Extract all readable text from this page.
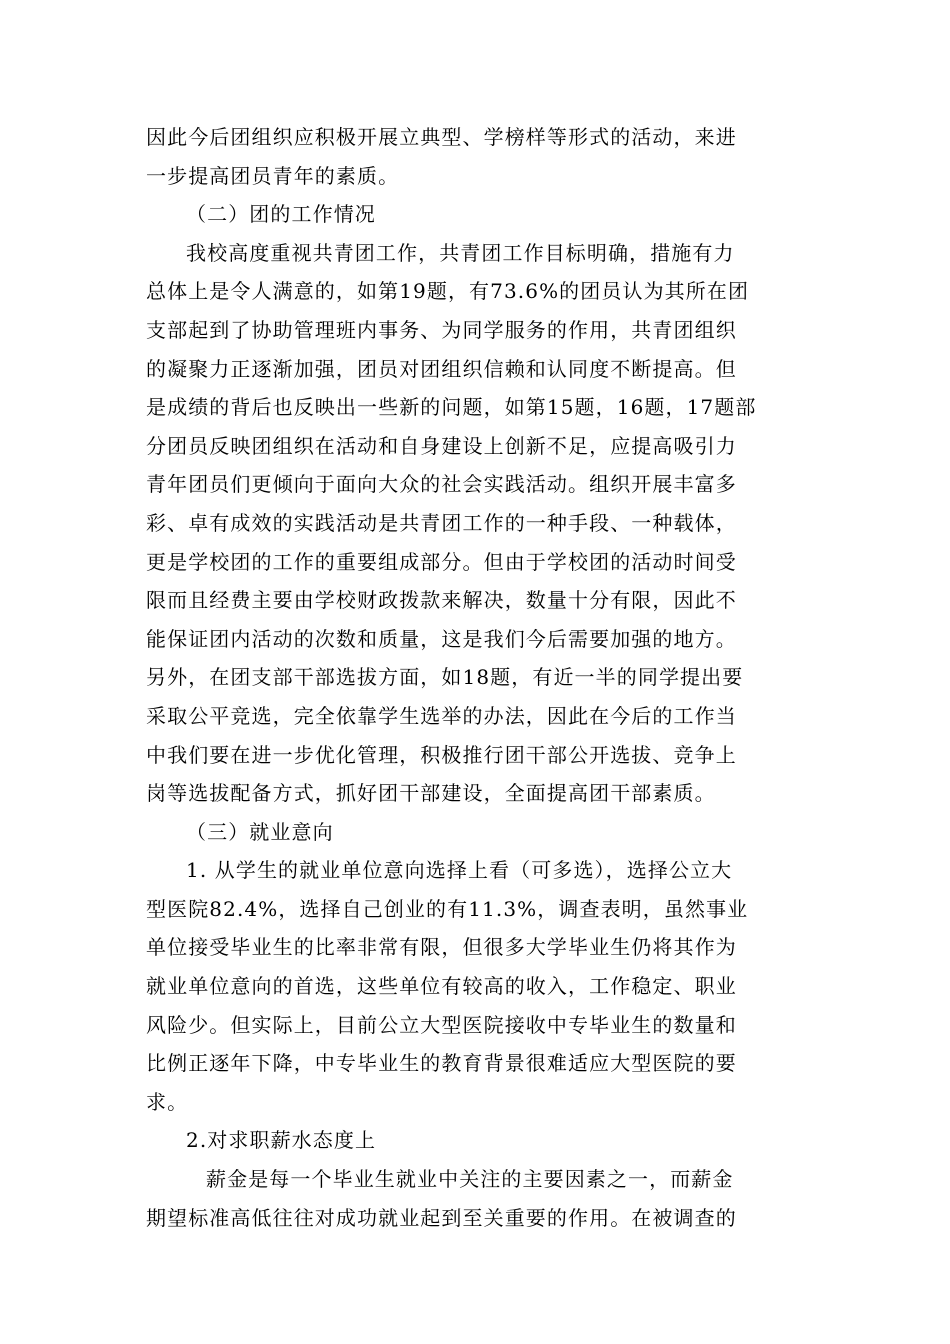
因此今后团组织应积极开展立典型、学榜样等形式的活动，来进
一步提高团员青年的素质。
（二）团的工作情况
我校高度重视共青团工作，共青团工作目标明确，措施有力
总体上是令人满意的，如第19题，有73.6%的团员认为其所在团
支部起到了协助管理班内事务、为同学服务的作用，共青团组织
的凝聚力正逐渐加强，团员对团组织信赖和认同度不断提高。但
是成绩的背后也反映出一些新的问题，如第15题，16题，17题部
分团员反映团组织在活动和自身建设上创新不足，应提高吸引力
青年团员们更倾向于面向大众的社会实践活动。组织开展丰富多
彩、卓有成效的实践活动是共青团工作的一种手段、一种载体，
更是学校团的工作的重要组成部分。但由于学校团的活动时间受
限而且经费主要由学校财政拨款来解决，数量十分有限，因此不
能保证团内活动的次数和质量，这是我们今后需要加强的地方。
另外，在团支部干部选拔方面，如18题，有近一半的同学提出要
采取公平竞选，完全依靠学生选举的办法，因此在今后的工作当
中我们要在进一步优化管理，积极推行团干部公开选拔、竞争上
岗等选拔配备方式，抓好团干部建设，全面提高团干部素质。
（三）就业意向
1. 从学生的就业单位意向选择上看（可多选），选择公立大
型医院82.4%，选择自己创业的有11.3%，调查表明，虽然事业
单位接受毕业生的比率非常有限，但很多大学毕业生仍将其作为
就业单位意向的首选，这些单位有较高的收入，工作稳定、职业
风险少。但实际上，目前公立大型医院接收中专毕业生的数量和
比例正逐年下降，中专毕业生的教育背景很难适应大型医院的要
求。
2.对求职薪水态度上
薪金是每一个毕业生就业中关注的主要因素之一，而薪金
期望标准高低往往对成功就业起到至关重要的作用。在被调查的
